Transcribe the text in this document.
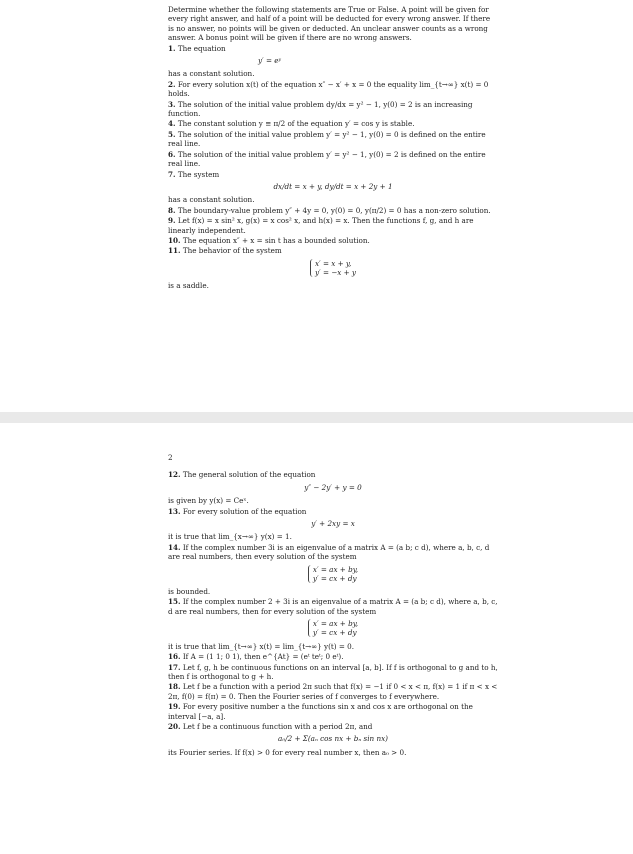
Determine whether the following statements are True or False. A point will be given for every right answer, and half of a point will be deducted for every wrong answer. If there is no answer, no points will be given or deducted. An unclear answer counts as a wrong answer. A bonus point will be given if there are no wrong answers.

1. The equation
y′ = eʸ
has a constant solution.
2. For every solution x(t) of the equation x″ − x′ + x = 0 the equality lim_{t→∞} x(t) = 0 holds.
3. The solution of the initial value problem dy/dx = y² − 1, y(0) = 2 is an increasing function.
4. The constant solution y ≡ π/2 of the equation y′ = cos y is stable.
5. The solution of the initial value problem y′ = y² − 1, y(0) = 0 is defined on the entire real line.
6. The solution of the initial value problem y′ = y² − 1, y(0) = 2 is defined on the entire real line.
7. The system
dx/dt = x + y, dy/dt = x + 2y + 1
has a constant solution.
8. The boundary-value problem y″ + 4y = 0, y(0) = 0, y(π/2) = 0 has a non-zero solution.
9. Let f(x) = x sin² x, g(x) = x cos² x, and h(x) = x. Then the functions f, g, and h are linearly independent.
10. The equation x″ + x = sin t has a bounded solution.
11. The behavior of the system
x′ = x + y,
y′ = −x + y
is a saddle.
2
12. The general solution of the equation
y″ − 2y′ + y = 0
is given by y(x) = Ceˣ.
13. For every solution of the equation
y′ + 2xy = x
it is true that lim_{x→∞} y(x) = 1.
14. If the complex number 3i is an eigenvalue of a matrix A = (a b; c d), where a, b, c, d are real numbers, then every solution of the system
x′ = ax + by,
y′ = cx + dy
is bounded.
15. If the complex number 2 + 3i is an eigenvalue of a matrix A = (a b; c d), where a, b, c, d are real numbers, then for every solution of the system
x′ = ax + by,
y′ = cx + dy
it is true that lim_{t→∞} x(t) = lim_{t→∞} y(t) = 0.
16. If A = (1 1; 0 1), then e^{At} = (eᵗ teᵗ; 0 eᵗ).
17. Let f, g, h be continuous functions on an interval [a, b]. If f is orthogonal to g and to h, then f is orthogonal to g + h.
18. Let f be a function with a period 2π such that f(x) = −1 if 0 < x < π, f(x) = 1 if π < x < 2π, f(0) = f(π) = 0. Then the Fourier series of f converges to f everywhere.
19. For every positive number a the functions sin x and cos x are orthogonal on the interval [−a, a].
20. Let f be a continuous function with a period 2π, and
a₀/2 + Σ(aₙ cos nx + bₙ sin nx)
its Fourier series. If f(x) > 0 for every real number x, then a₀ > 0.
